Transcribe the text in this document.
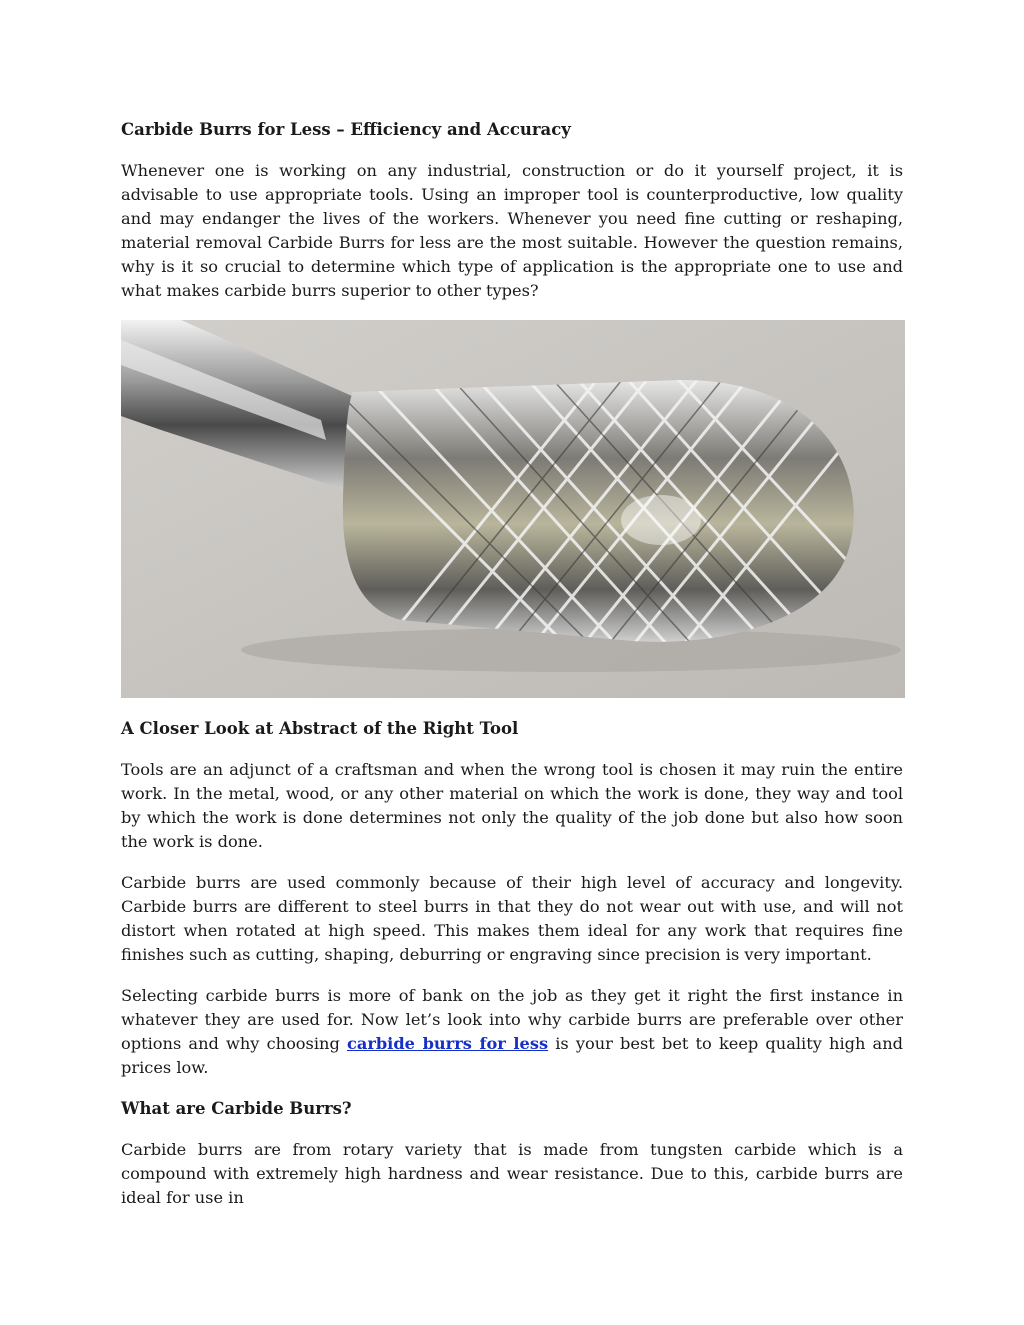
Carbide Burrs for Less – Efficiency and Accuracy

Whenever one is working on any industrial, construction or do it yourself project, it is advisable to use appropriate tools. Using an improper tool is counterproductive, low quality and may endanger the lives of the workers. Whenever you need fine cutting or reshaping, material removal Carbide Burrs for less are the most suitable. However the question remains, why is it so crucial to determine which type of application is the appropriate one to use and what makes carbide burrs superior to other types?

A Closer Look at Abstract of the Right Tool

Tools are an adjunct of a craftsman and when the wrong tool is chosen it may ruin the entire work. In the metal, wood, or any other material on which the work is done, they way and tool by which the work is done determines not only the quality of the job done but also how soon the work is done.

Carbide burrs are used commonly because of their high level of accuracy and longevity. Carbide burrs are different to steel burrs in that they do not wear out with use, and will not distort when rotated at high speed. This makes them ideal for any work that requires fine finishes such as cutting, shaping, deburring or engraving since precision is very important.

Selecting carbide burrs is more of bank on the job as they get it right the first instance in whatever they are used for. Now let’s look into why carbide burrs are preferable over other options and why choosing carbide burrs for less is your best bet to keep quality high and prices low.

What are Carbide Burrs?

Carbide burrs are from rotary variety that is made from tungsten carbide which is a compound with extremely high hardness and wear resistance. Due to this, carbide burrs are ideal for use in
